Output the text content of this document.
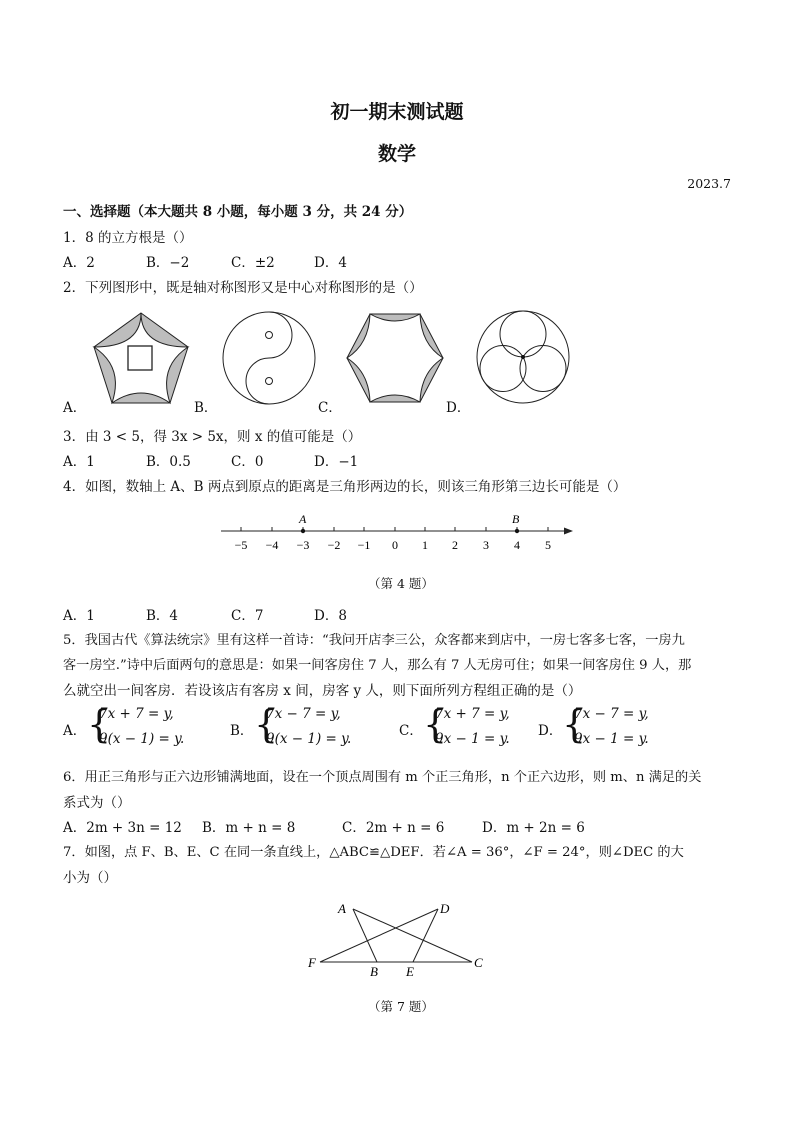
初一期末测试题
数学
2023.7
一、选择题（本大题共 8 小题，每小题 3 分，共 24 分）
1．8 的立方根是（）
A．2	B．−2	C．±2	D．4
2．下列图形中，既是轴对称图形又是中心对称图形的是（）
A．	B．	C．	D．
3．由 3 < 5，得 3x > 5x，则 x 的值可能是（）
A．1	B．0.5	C．0	D．−1
4．如图，数轴上 A、B 两点到原点的距离是三角形两边的长，则该三角形第三边长可能是（）
A	B
−5 −4 −3 −2 −1 0 1 2 3 4 5
（第 4 题）
A．1	B．4	C．7	D．8
5．我国古代《算法统宗》里有这样一首诗：“我问开店李三公，众客都来到店中，一房七客多七客，一房九
客一房空.”诗中后面两句的意思是：如果一间客房住 7 人，那么有 7 人无房可住；如果一间客房住 9 人，那
么就空出一间客房．若设该店有客房 x 间，房客 y 人，则下面所列方程组正确的是（）
A． {
7x + 7 = y,
9(x − 1) = y.	B． {
7x − 7 = y,
9(x − 1) = y.	C． {
7x + 7 = y,
9x − 1 = y. D． {
7x − 7 = y,
9x − 1 = y.
6．用正三角形与正六边形铺满地面，设在一个顶点周围有 m 个正三角形，n 个正六边形，则 m、n 满足的关
系式为（）
A．2m + 3n = 12 B．m + n = 8	C．2m + n = 6	D．m + 2n = 6
7．如图，点 F、B、E、C 在同一条直线上，△ABC≌△DEF．若∠A = 36°，∠F = 24°，则∠DEC 的大
小为（）
A	D
F
B E
C
（第 7 题）
